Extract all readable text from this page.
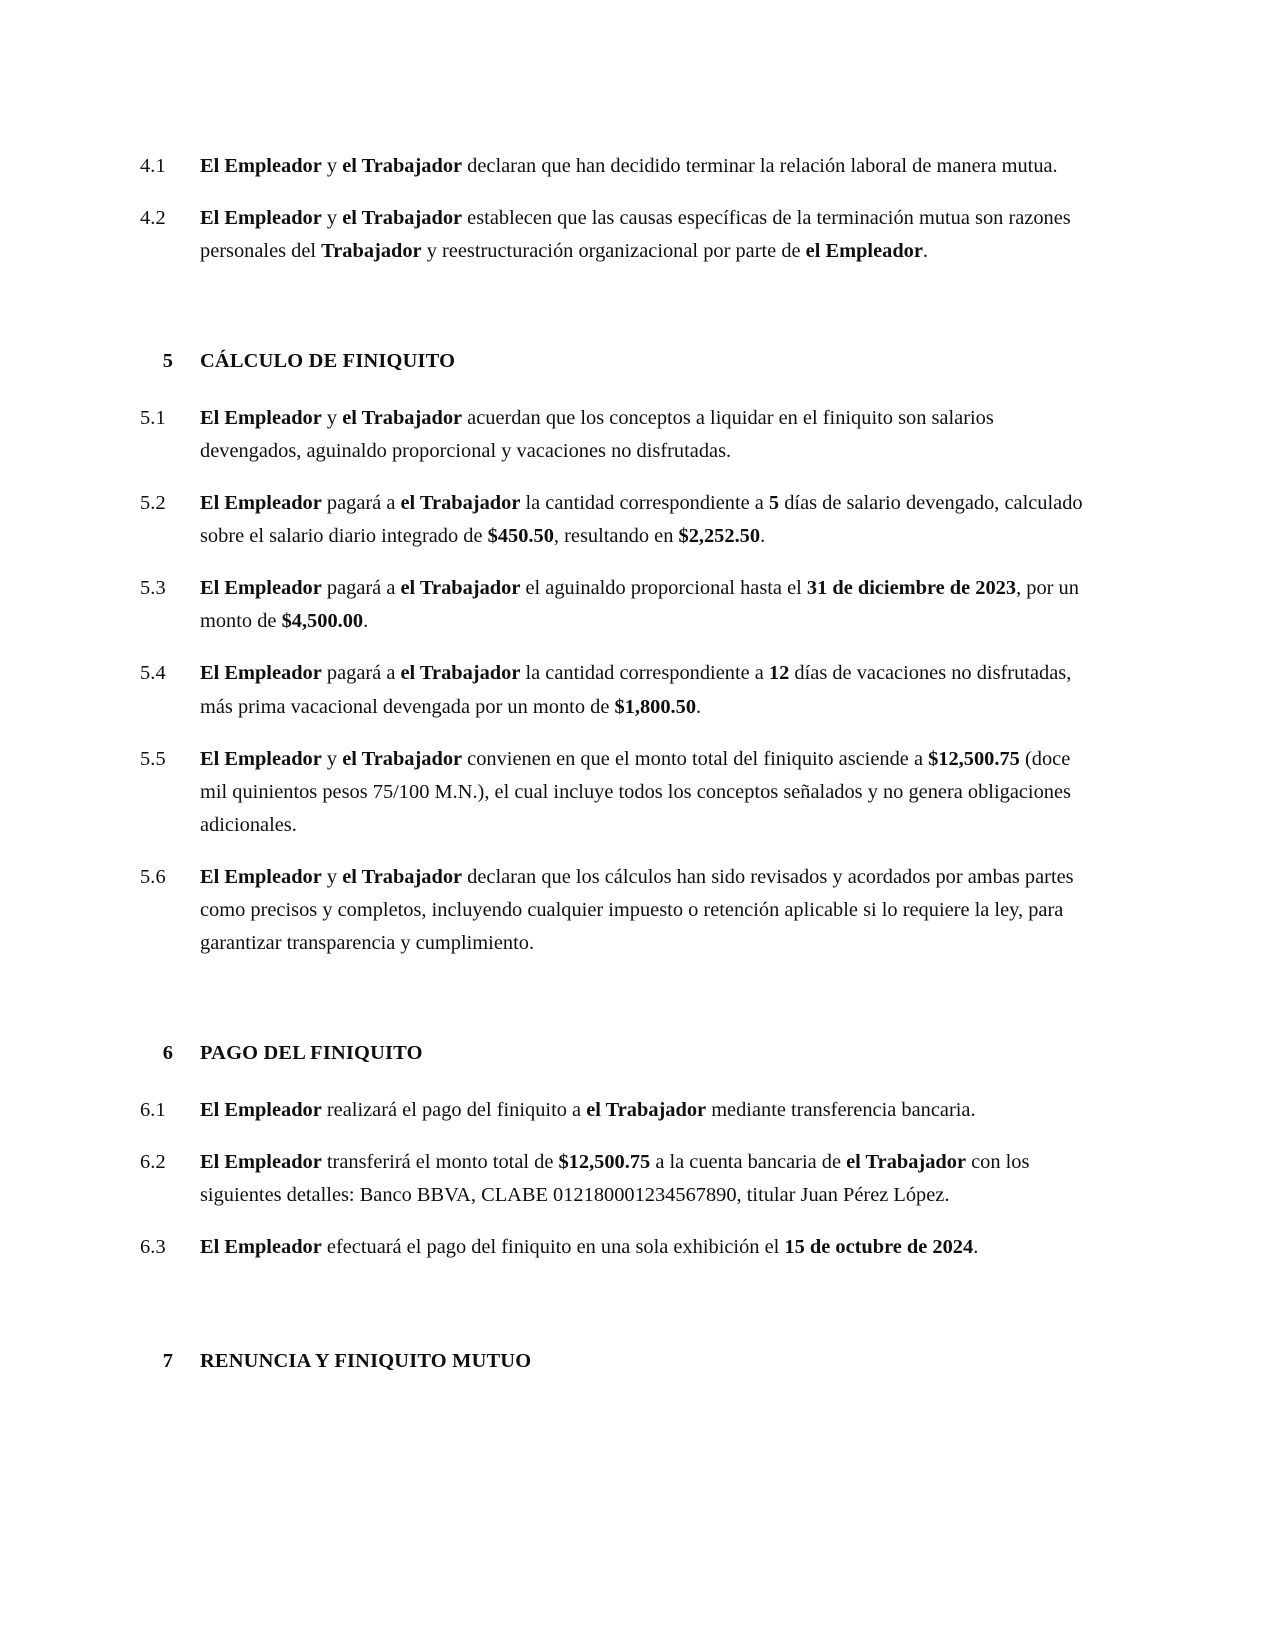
4.1	El Empleador y el Trabajador declaran que han decidido terminar la relación laboral de manera mutua.
4.2	El Empleador y el Trabajador establecen que las causas específicas de la terminación mutua son razones personales del Trabajador y reestructuración organizacional por parte de el Empleador.
5	CÁLCULO DE FINIQUITO
5.1	El Empleador y el Trabajador acuerdan que los conceptos a liquidar en el finiquito son salarios devengados, aguinaldo proporcional y vacaciones no disfrutadas.
5.2	El Empleador pagará a el Trabajador la cantidad correspondiente a 5 días de salario devengado, calculado sobre el salario diario integrado de $450.50, resultando en $2,252.50.
5.3	El Empleador pagará a el Trabajador el aguinaldo proporcional hasta el 31 de diciembre de 2023, por un monto de $4,500.00.
5.4	El Empleador pagará a el Trabajador la cantidad correspondiente a 12 días de vacaciones no disfrutadas, más prima vacacional devengada por un monto de $1,800.50.
5.5	El Empleador y el Trabajador convienen en que el monto total del finiquito asciende a $12,500.75 (doce mil quinientos pesos 75/100 M.N.), el cual incluye todos los conceptos señalados y no genera obligaciones adicionales.
5.6	El Empleador y el Trabajador declaran que los cálculos han sido revisados y acordados por ambas partes como precisos y completos, incluyendo cualquier impuesto o retención aplicable si lo requiere la ley, para garantizar transparencia y cumplimiento.
6	PAGO DEL FINIQUITO
6.1	El Empleador realizará el pago del finiquito a el Trabajador mediante transferencia bancaria.
6.2	El Empleador transferirá el monto total de $12,500.75 a la cuenta bancaria de el Trabajador con los siguientes detalles: Banco BBVA, CLABE 012180001234567890, titular Juan Pérez López.
6.3	El Empleador efectuará el pago del finiquito en una sola exhibición el 15 de octubre de 2024.
7	RENUNCIA Y FINIQUITO MUTUO
